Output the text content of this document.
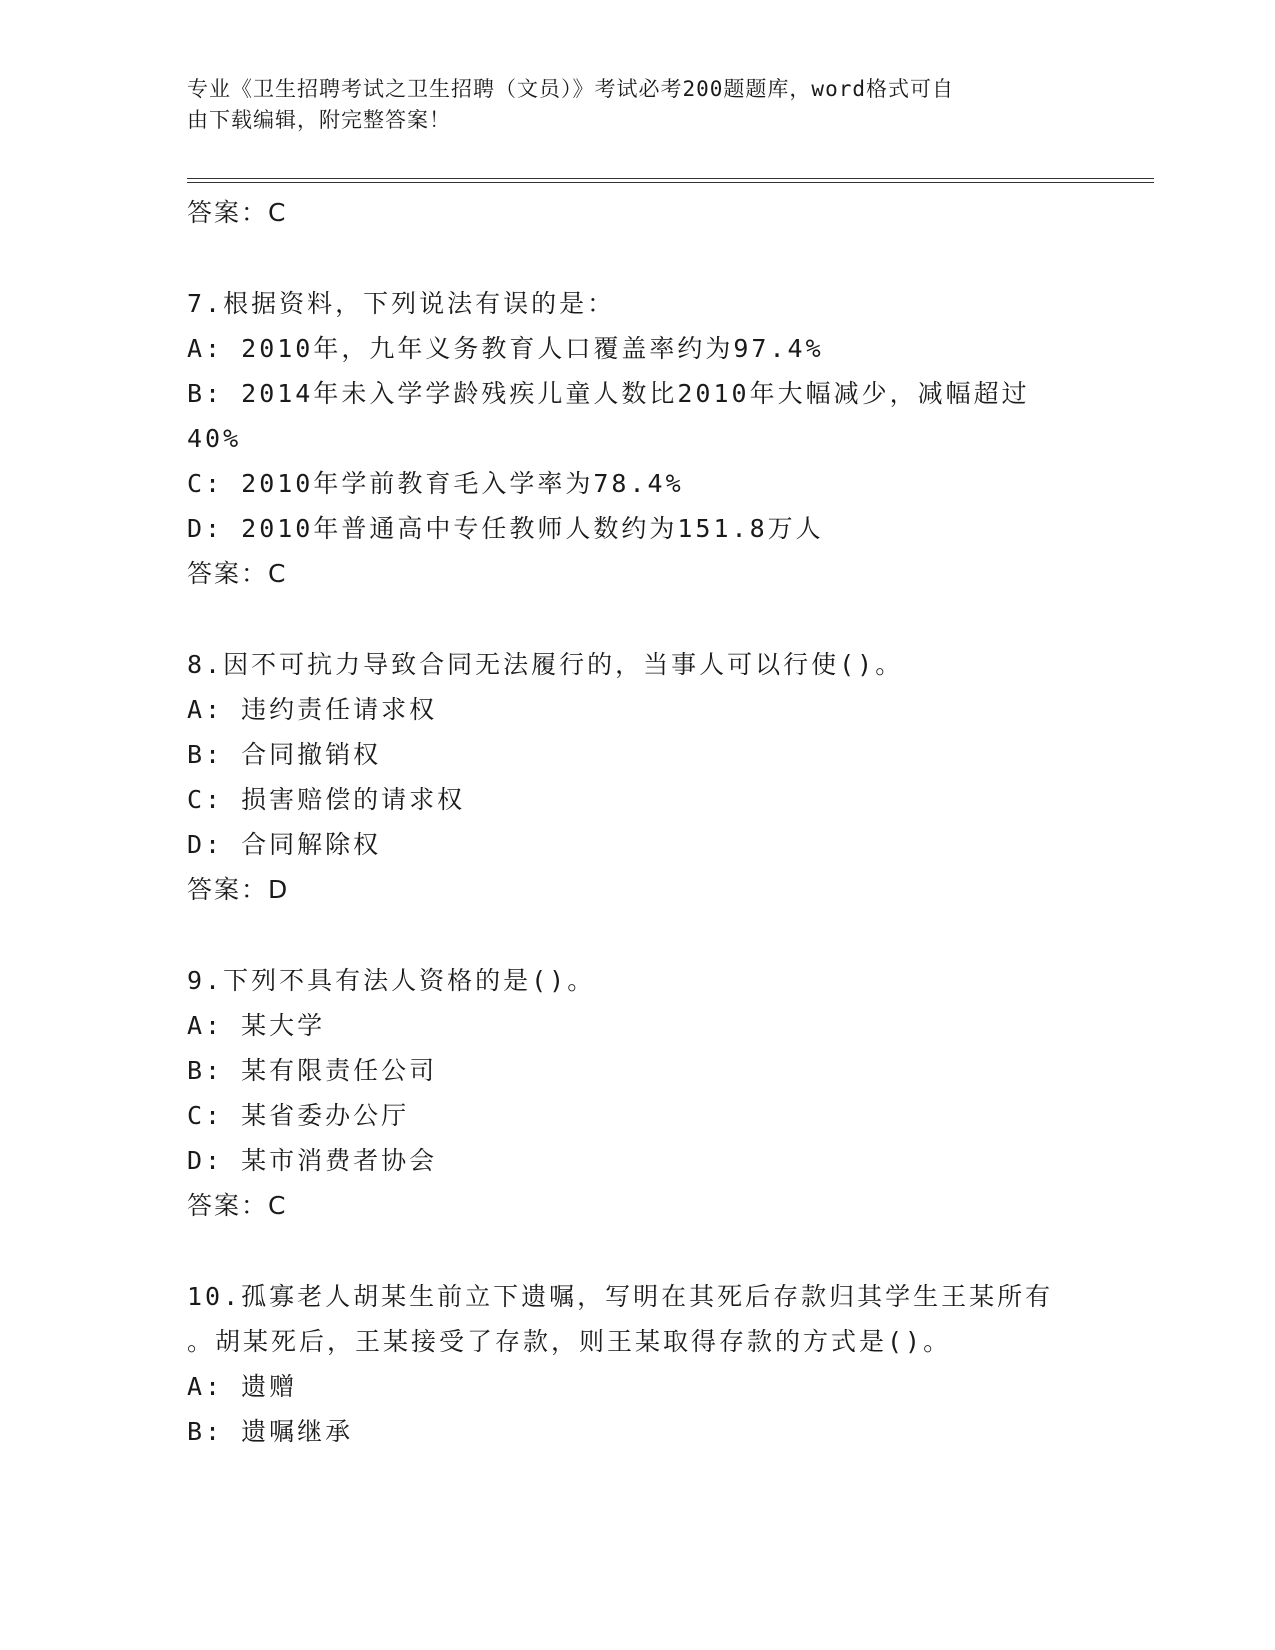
专业《卫生招聘考试之卫生招聘（文员）》考试必考200题题库，word格式可自
由下载编辑，附完整答案！
答案：C
7.根据资料，下列说法有误的是：
A: 2010年，九年义务教育人口覆盖率约为97.4%
B: 2014年未入学学龄残疾儿童人数比2010年大幅减少，减幅超过
40%
C: 2010年学前教育毛入学率为78.4%
D: 2010年普通高中专任教师人数约为151.8万人
答案：C
8.因不可抗力导致合同无法履行的，当事人可以行使()。
A: 违约责任请求权
B: 合同撤销权
C: 损害赔偿的请求权
D: 合同解除权
答案：D
9.下列不具有法人资格的是()。
A: 某大学
B: 某有限责任公司
C: 某省委办公厅
D: 某市消费者协会
答案：C
10.孤寡老人胡某生前立下遗嘱，写明在其死后存款归其学生王某所有
。胡某死后，王某接受了存款，则王某取得存款的方式是()。
A: 遗赠
B: 遗嘱继承
